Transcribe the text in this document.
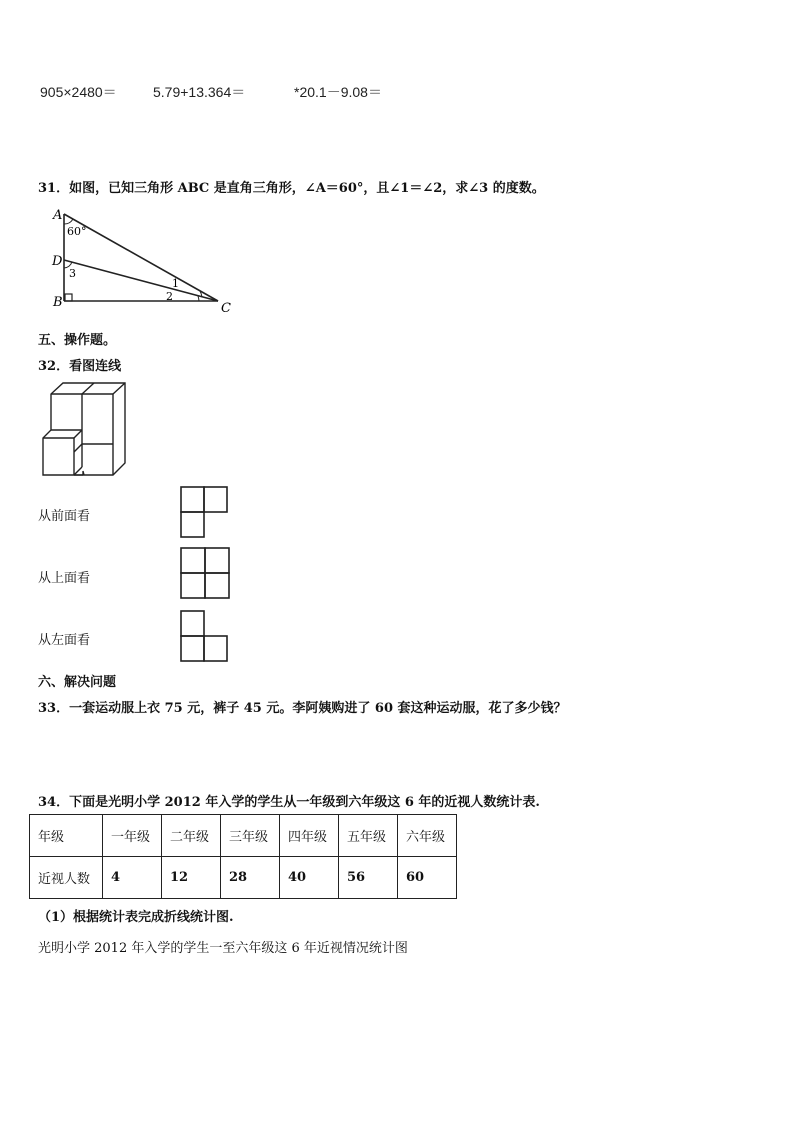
905×2480＝	5.79+13.364＝	*20.1－9.08＝
31．如图，已知三角形 ABC 是直角三角形，∠A＝60°，且∠1＝∠2，求∠3 的度数。
A
60°
D
3
B	C
1
2
五、操作题。
32．看图连线
从前面看
从上面看
从左面看
六、解决问题
33．一套运动服上衣 75 元，裤子 45 元。李阿姨购进了 60 套这种运动服，花了多少钱？
34．下面是光明小学 2012 年入学的学生从一年级到六年级这 6 年的近视人数统计表.
年级	一年级	二年级	三年级	四年级	五年级	六年级
近视人数	4	12	28	40	56	60
（1）根据统计表完成折线统计图.
光明小学 2012 年入学的学生一至六年级这 6 年近视情况统计图
